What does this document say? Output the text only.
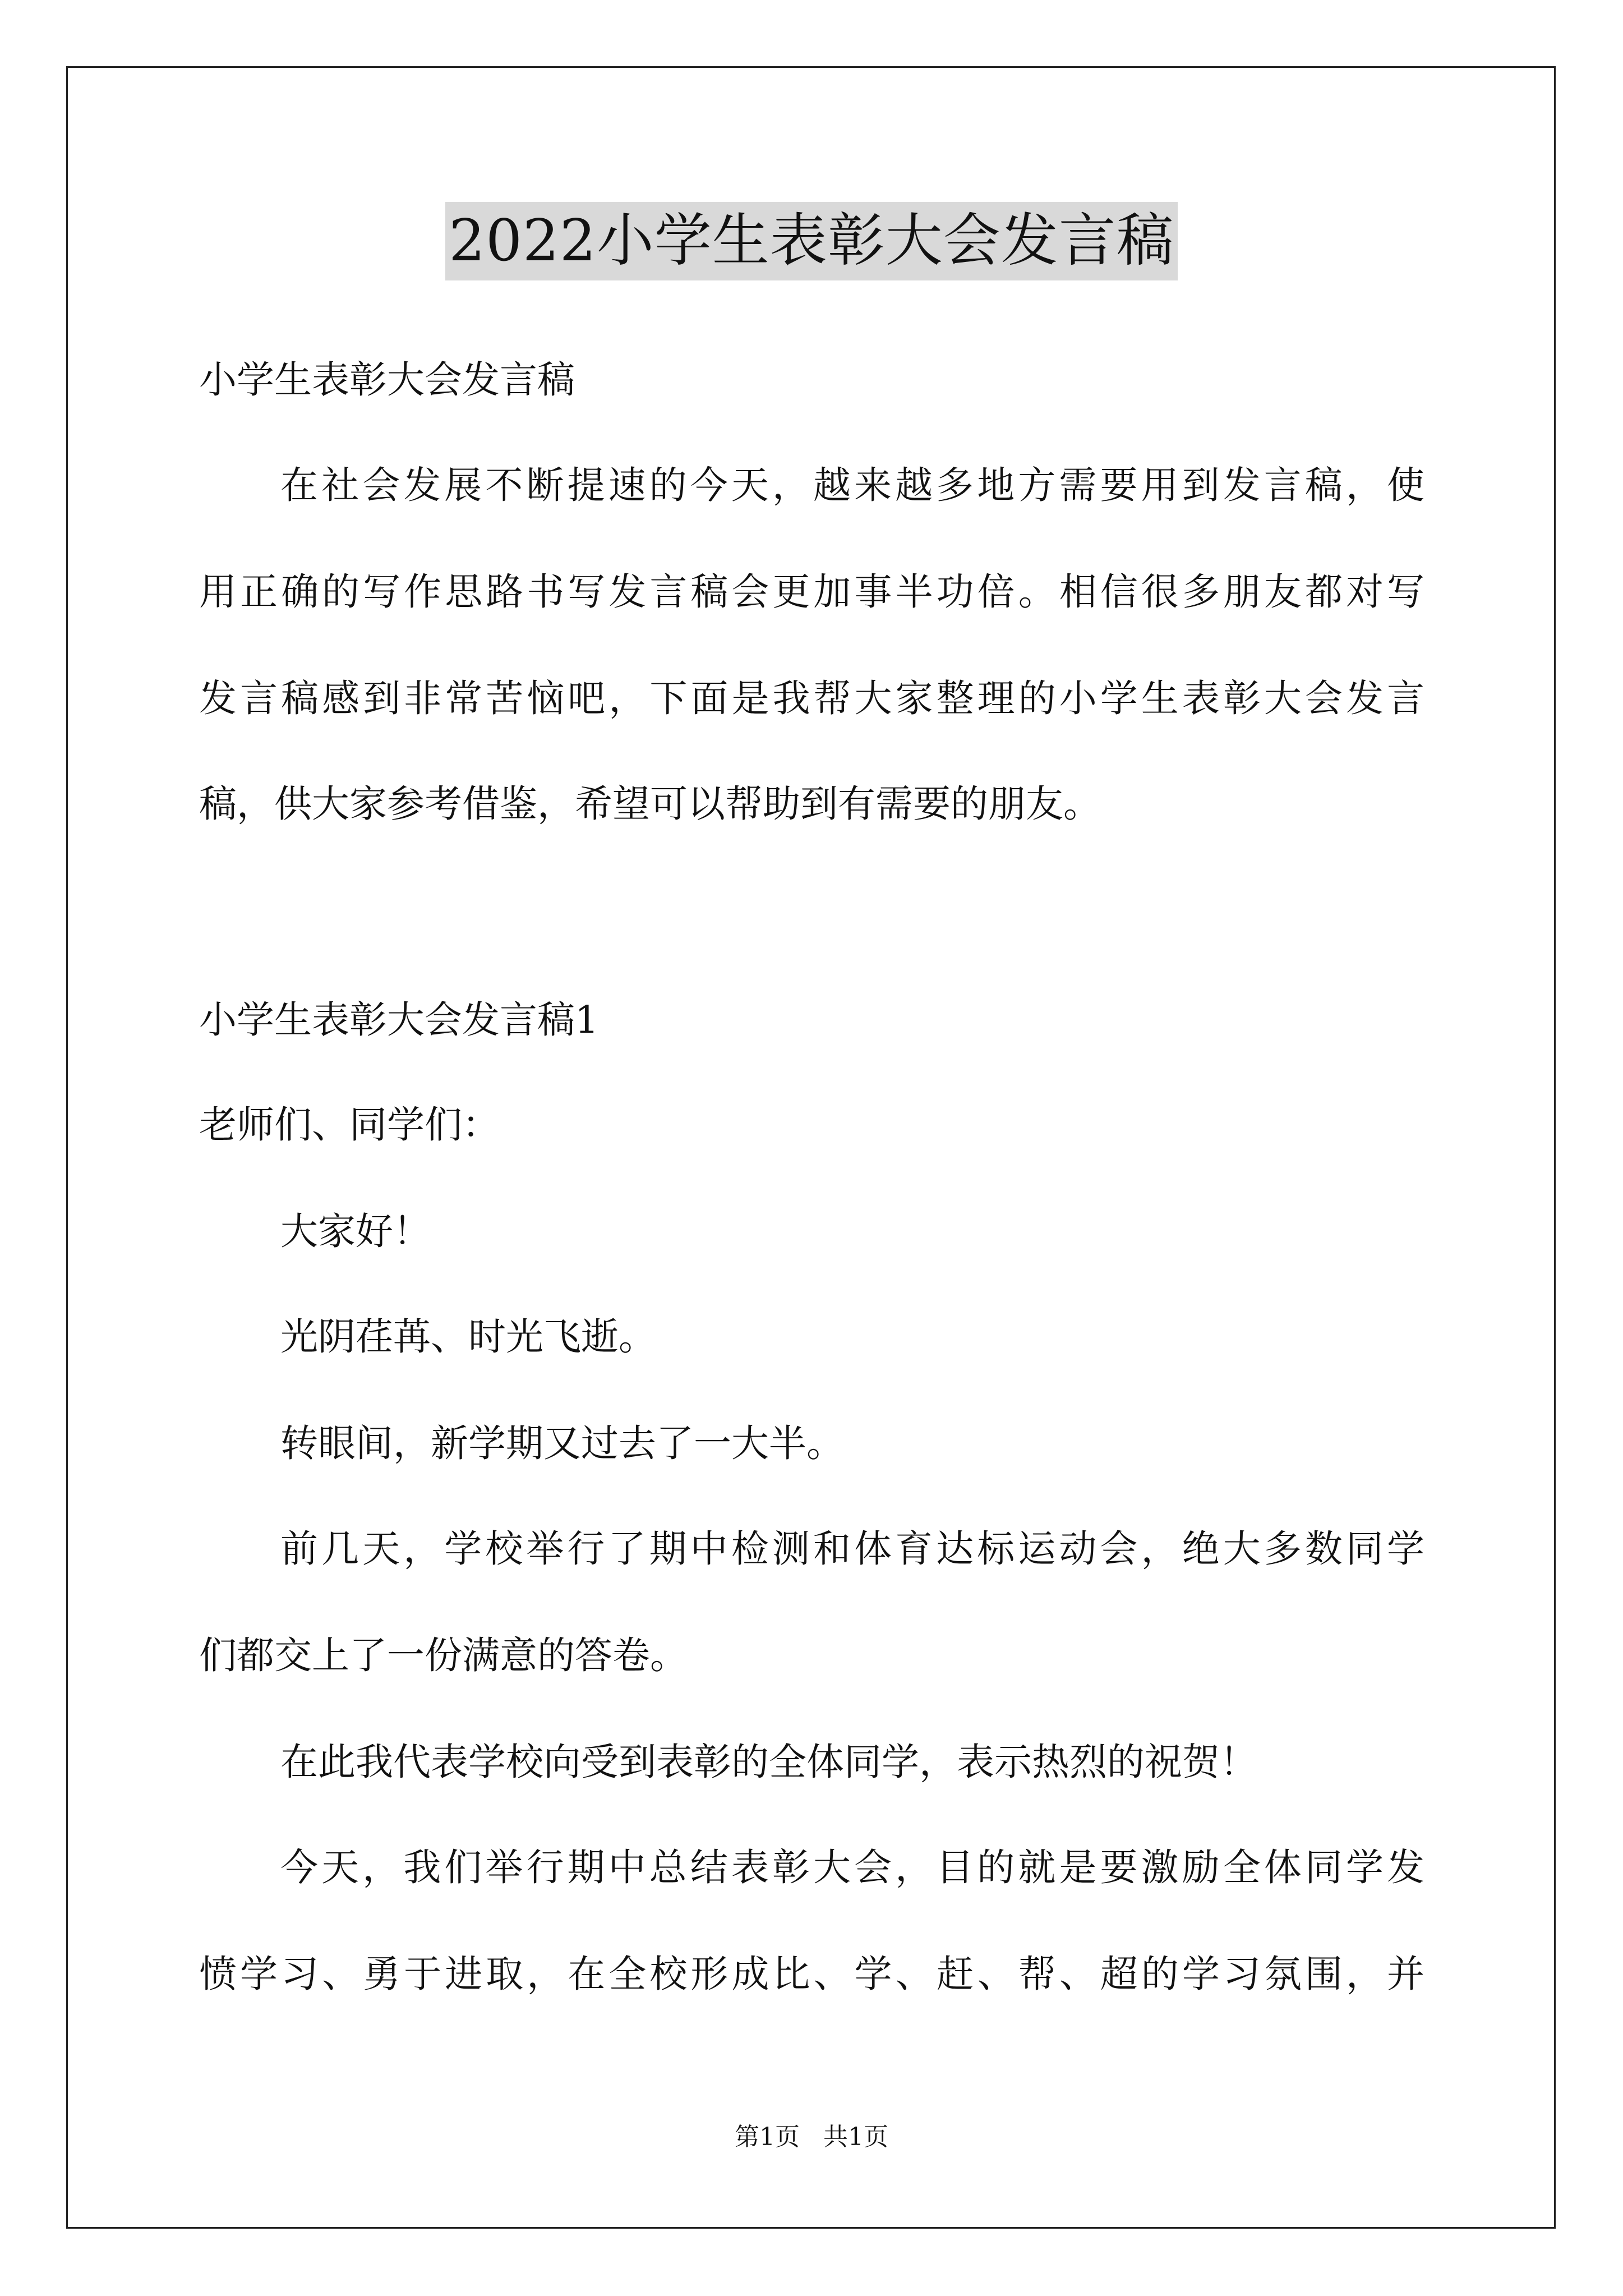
2022小学生表彰大会发言稿
小学生表彰大会发言稿
在社会发展不断提速的今天，越来越多地方需要用到发言稿，使
用正确的写作思路书写发言稿会更加事半功倍。相信很多朋友都对写
发言稿感到非常苦恼吧，下面是我帮大家整理的小学生表彰大会发言
稿，供大家参考借鉴，希望可以帮助到有需要的朋友。
小学生表彰大会发言稿1
老师们、同学们：
大家好！
光阴荏苒、时光飞逝。
转眼间，新学期又过去了一大半。
前几天，学校举行了期中检测和体育达标运动会，绝大多数同学
们都交上了一份满意的答卷。
在此我代表学校向受到表彰的全体同学，表示热烈的祝贺！
今天，我们举行期中总结表彰大会，目的就是要激励全体同学发
愤学习、勇于进取，在全校形成比、学、赶、帮、超的学习氛围，并
第1页   共1页
